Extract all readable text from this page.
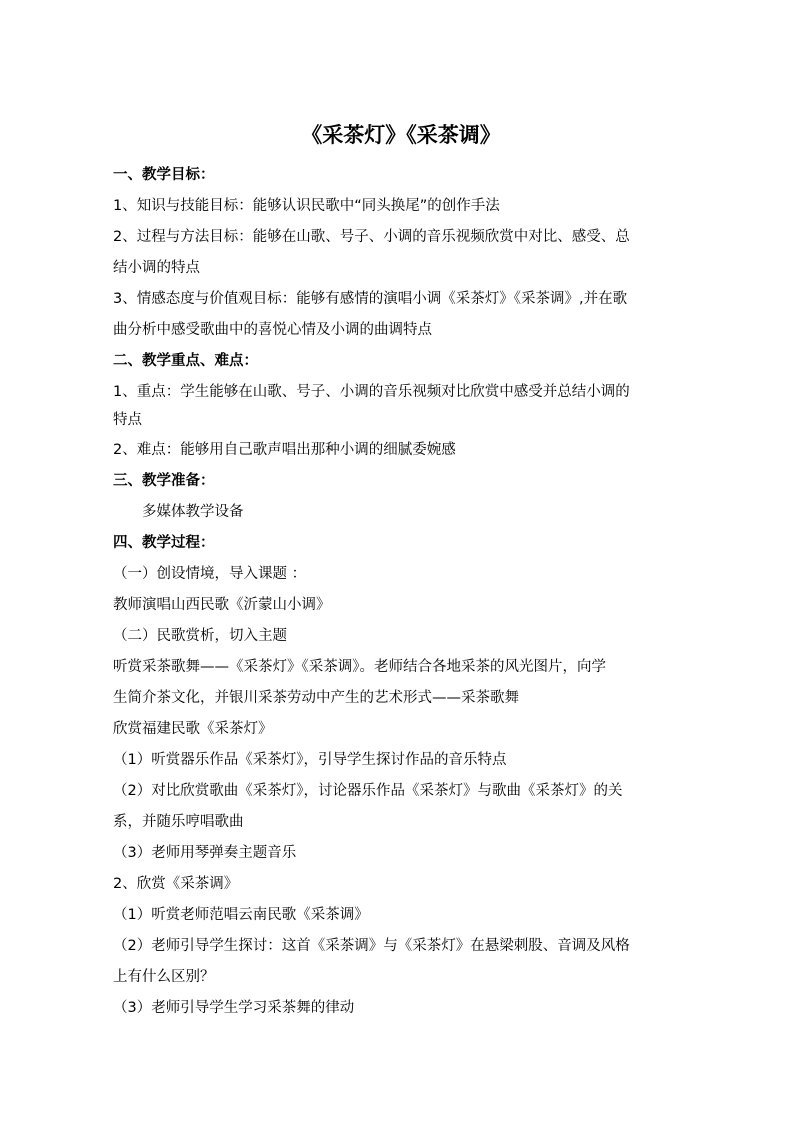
《采茶灯》《采茶调》

一、教学目标：

1、知识与技能目标：能够认识民歌中“同头换尾”的创作手法

2、过程与方法目标：能够在山歌、号子、小调的音乐视频欣赏中对比、感受、总

结小调的特点

3、情感态度与价值观目标：能够有感情的演唱小调《采茶灯》《采茶调》,并在歌

曲分析中感受歌曲中的喜悦心情及小调的曲调特点

二、教学重点、难点：

1、重点：学生能够在山歌、号子、小调的音乐视频对比欣赏中感受并总结小调的

特点

2、难点：能够用自己歌声唱出那种小调的细腻委婉感

三、教学准备：

多媒体教学设备

四、教学过程：

（一）创设情境，导入课题 ：

教师演唱山西民歌《沂蒙山小调》

（二）民歌赏析，切入主题

听赏采茶歌舞——《采茶灯》《采茶调》。老师结合各地采茶的风光图片，向学

生简介茶文化，并银川采茶劳动中产生的艺术形式——采茶歌舞

欣赏福建民歌《采茶灯》

（1）听赏器乐作品《采茶灯》，引导学生探讨作品的音乐特点

（2）对比欣赏歌曲《采茶灯》，讨论器乐作品《采茶灯》与歌曲《采茶灯》的关

系，并随乐哼唱歌曲

（3）老师用琴弹奏主题音乐

2、欣赏《采茶调》

（1）听赏老师范唱云南民歌《采茶调》

（2）老师引导学生探讨：这首《采茶调》与《采茶灯》在悬梁刺股、音调及风格

上有什么区别？

（3）老师引导学生学习采茶舞的律动
